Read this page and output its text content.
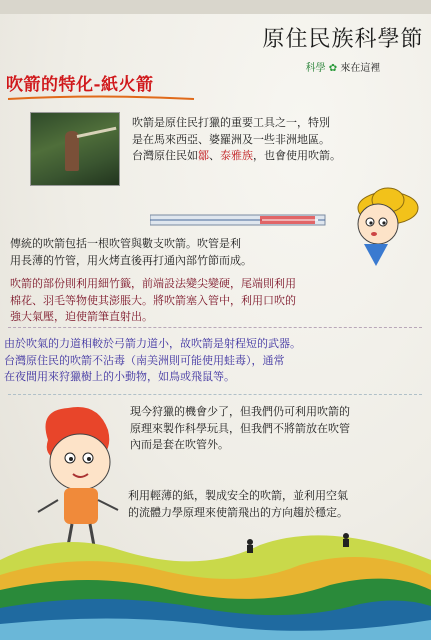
原住民族科學節
科學 ✿ 來在這裡
吹箭的特化-紙火箭
吹箭是原住民打獵的重要工具之一，特別
是在馬來西亞、婆羅洲及一些非洲地區。
台灣原住民如鄒、泰雅族，也會使用吹箭。
傳統的吹箭包括一根吹管與數支吹箭。吹管是利
用長薄的竹管，用火烤直後再打通內部竹節而成。
吹箭的部份則利用細竹籤，前端設法變尖變硬，尾端則利用
棉花、羽毛等物使其澎脹大。將吹箭塞入管中，利用口吹的
強大氣壓，迫使箭筆直射出。
由於吹氣的力道相較於弓箭力道小，故吹箭是射程短的武器。
台灣原住民的吹箭不沾毒（南美洲則可能使用蛙毒），通常
在夜間用來狩獵樹上的小動物，如鳥或飛鼠等。
現今狩獵的機會少了，但我們仍可利用吹箭的
原理來製作科學玩具，但我們不將箭放在吹管
內而是套在吹管外。
利用輕薄的紙，製成安全的吹箭，並利用空氣
的流體力學原理來使箭飛出的方向趨於穩定。
